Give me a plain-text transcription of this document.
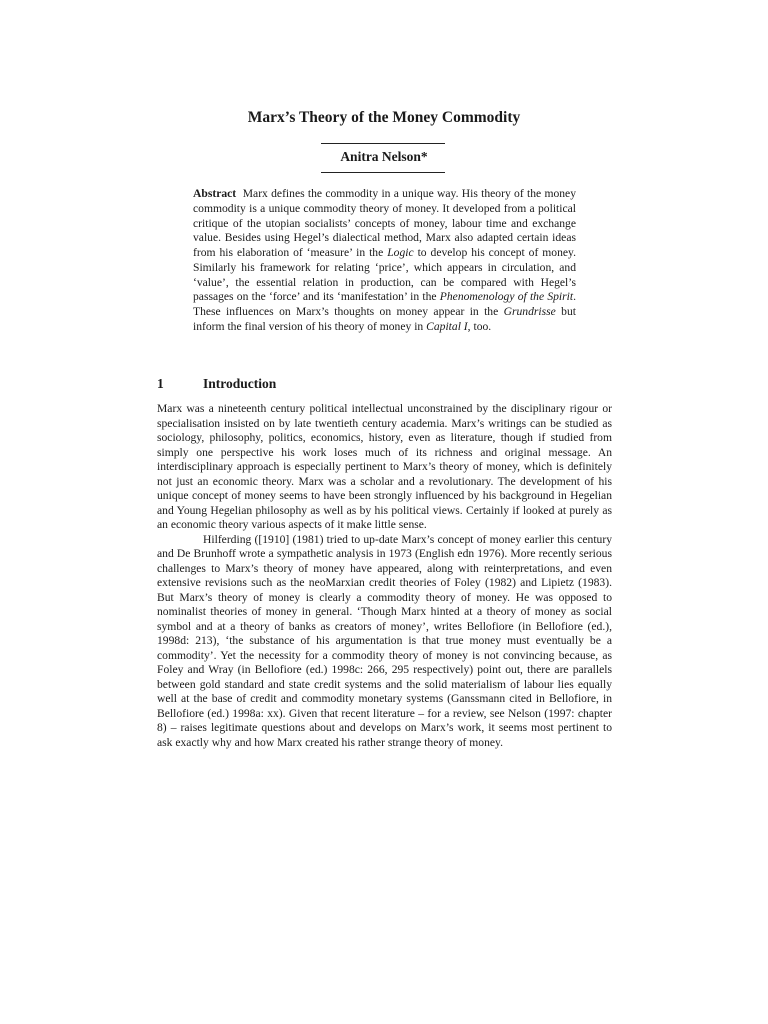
Marx’s Theory of the Money Commodity
Anitra Nelson*

Abstract Marx defines the commodity in a unique way. His theory of the money commodity is a unique commodity theory of money. It developed from a political critique of the utopian socialists’ concepts of money, labour time and exchange value. Besides using Hegel’s dialectical method, Marx also adapted certain ideas from his elaboration of ‘measure’ in the Logic to develop his concept of money. Similarly his framework for relating ‘price’, which appears in circulation, and ‘value’, the essential relation in production, can be compared with Hegel’s passages on the ‘force’ and its ‘manifestation’ in the Phenomenology of the Spirit. These influences on Marx’s thoughts on money appear in the Grundrisse but inform the final version of his theory of money in Capital I, too.

1	Introduction

Marx was a nineteenth century political intellectual unconstrained by the disciplinary rigour or specialisation insisted on by late twentieth century academia. Marx’s writings can be studied as sociology, philosophy, politics, economics, history, even as literature, though if studied from simply one perspective his work loses much of its richness and original message. An interdisciplinary approach is especially pertinent to Marx’s theory of money, which is definitely not just an economic theory. Marx was a scholar and a revolutionary. The development of his unique concept of money seems to have been strongly influenced by his background in Hegelian and Young Hegelian philosophy as well as by his political views. Certainly if looked at purely as an economic theory various aspects of it make little sense.

Hilferding ([1910] (1981) tried to up-date Marx’s concept of money earlier this century and De Brunhoff wrote a sympathetic analysis in 1973 (English edn 1976). More recently serious challenges to Marx’s theory of money have appeared, along with reinterpretations, and even extensive revisions such as the neoMarxian credit theories of Foley (1982) and Lipietz (1983). But Marx’s theory of money is clearly a commodity theory of money. He was opposed to nominalist theories of money in general. ‘Though Marx hinted at a theory of money as social symbol and at a theory of banks as creators of money’, writes Bellofiore (in Bellofiore (ed.), 1998d: 213), ‘the substance of his argumentation is that true money must eventually be a commodity’. Yet the necessity for a commodity theory of money is not convincing because, as Foley and Wray (in Bellofiore (ed.) 1998c: 266, 295 respectively) point out, there are parallels between gold standard and state credit systems and the solid materialism of labour lies equally well at the base of credit and commodity monetary systems (Ganssmann cited in Bellofiore, in Bellofiore (ed.) 1998a: xx). Given that recent literature – for a review, see Nelson (1997: chapter 8) – raises legitimate questions about and develops on Marx’s work, it seems most pertinent to ask exactly why and how Marx created his rather strange theory of money.
